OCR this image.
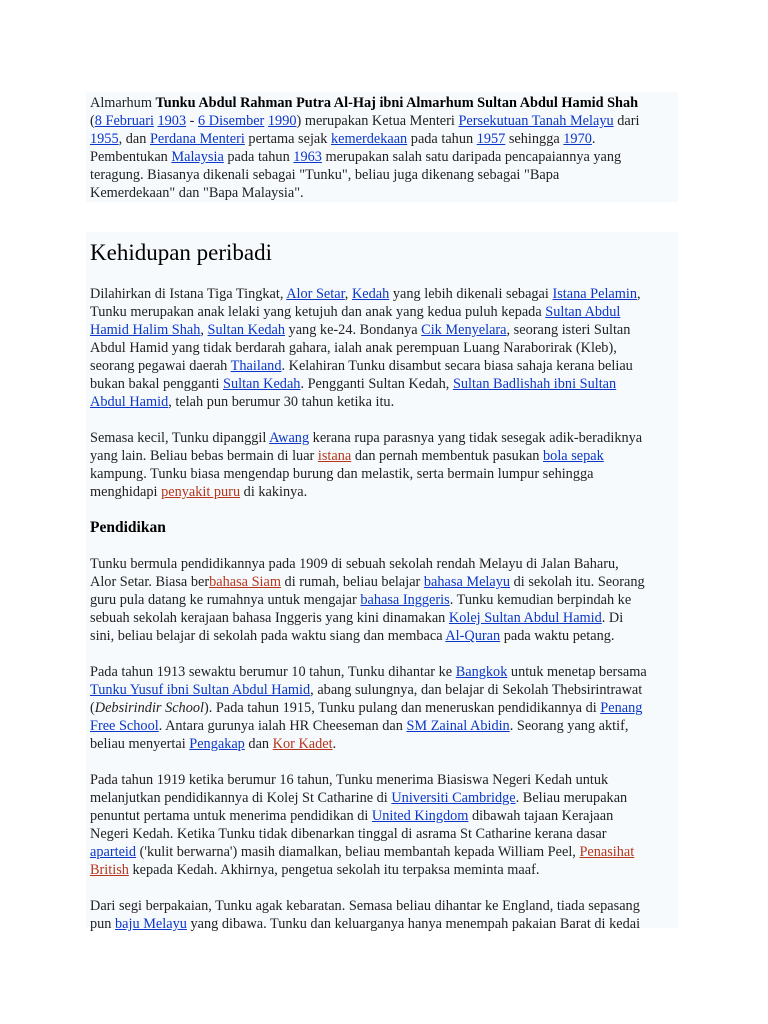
Almarhum Tunku Abdul Rahman Putra Al-Haj ibni Almarhum Sultan Abdul Hamid Shah
(8 Februari 1903 - 6 Disember 1990) merupakan Ketua Menteri Persekutuan Tanah Melayu dari
1955, dan Perdana Menteri pertama sejak kemerdekaan pada tahun 1957 sehingga 1970.
Pembentukan Malaysia pada tahun 1963 merupakan salah satu daripada pencapaiannya yang
teragung. Biasanya dikenali sebagai "Tunku", beliau juga dikenang sebagai "Bapa
Kemerdekaan" dan "Bapa Malaysia".

Kehidupan peribadi

Dilahirkan di Istana Tiga Tingkat, Alor Setar, Kedah yang lebih dikenali sebagai Istana Pelamin,
Tunku merupakan anak lelaki yang ketujuh dan anak yang kedua puluh kepada Sultan Abdul
Hamid Halim Shah, Sultan Kedah yang ke-24. Bondanya Cik Menyelara, seorang isteri Sultan
Abdul Hamid yang tidak berdarah gahara, ialah anak perempuan Luang Naraborirak (Kleb),
seorang pegawai daerah Thailand. Kelahiran Tunku disambut secara biasa sahaja kerana beliau
bukan bakal pengganti Sultan Kedah. Pengganti Sultan Kedah, Sultan Badlishah ibni Sultan
Abdul Hamid, telah pun berumur 30 tahun ketika itu.

Semasa kecil, Tunku dipanggil Awang kerana rupa parasnya yang tidak sesegak adik-beradiknya
yang lain. Beliau bebas bermain di luar istana dan pernah membentuk pasukan bola sepak
kampung. Tunku biasa mengendap burung dan melastik, serta bermain lumpur sehingga
menghidapi penyakit puru di kakinya.

Pendidikan

Tunku bermula pendidikannya pada 1909 di sebuah sekolah rendah Melayu di Jalan Baharu,
Alor Setar. Biasa berbahasa Siam di rumah, beliau belajar bahasa Melayu di sekolah itu. Seorang
guru pula datang ke rumahnya untuk mengajar bahasa Inggeris. Tunku kemudian berpindah ke
sebuah sekolah kerajaan bahasa Inggeris yang kini dinamakan Kolej Sultan Abdul Hamid. Di
sini, beliau belajar di sekolah pada waktu siang dan membaca Al-Quran pada waktu petang.

Pada tahun 1913 sewaktu berumur 10 tahun, Tunku dihantar ke Bangkok untuk menetap bersama
Tunku Yusuf ibni Sultan Abdul Hamid, abang sulungnya, dan belajar di Sekolah Thebsirintrawat
(Debsirindir School). Pada tahun 1915, Tunku pulang dan meneruskan pendidikannya di Penang
Free School. Antara gurunya ialah HR Cheeseman dan SM Zainal Abidin. Seorang yang aktif,
beliau menyertai Pengakap dan Kor Kadet.

Pada tahun 1919 ketika berumur 16 tahun, Tunku menerima Biasiswa Negeri Kedah untuk
melanjutkan pendidikannya di Kolej St Catharine di Universiti Cambridge. Beliau merupakan
penuntut pertama untuk menerima pendidikan di United Kingdom dibawah tajaan Kerajaan
Negeri Kedah. Ketika Tunku tidak dibenarkan tinggal di asrama St Catharine kerana dasar
aparteid ('kulit berwarna') masih diamalkan, beliau membantah kepada William Peel, Penasihat
British kepada Kedah. Akhirnya, pengetua sekolah itu terpaksa meminta maaf.

Dari segi berpakaian, Tunku agak kebaratan. Semasa beliau dihantar ke England, tiada sepasang
pun baju Melayu yang dibawa. Tunku dan keluarganya hanya menempah pakaian Barat di kedai
